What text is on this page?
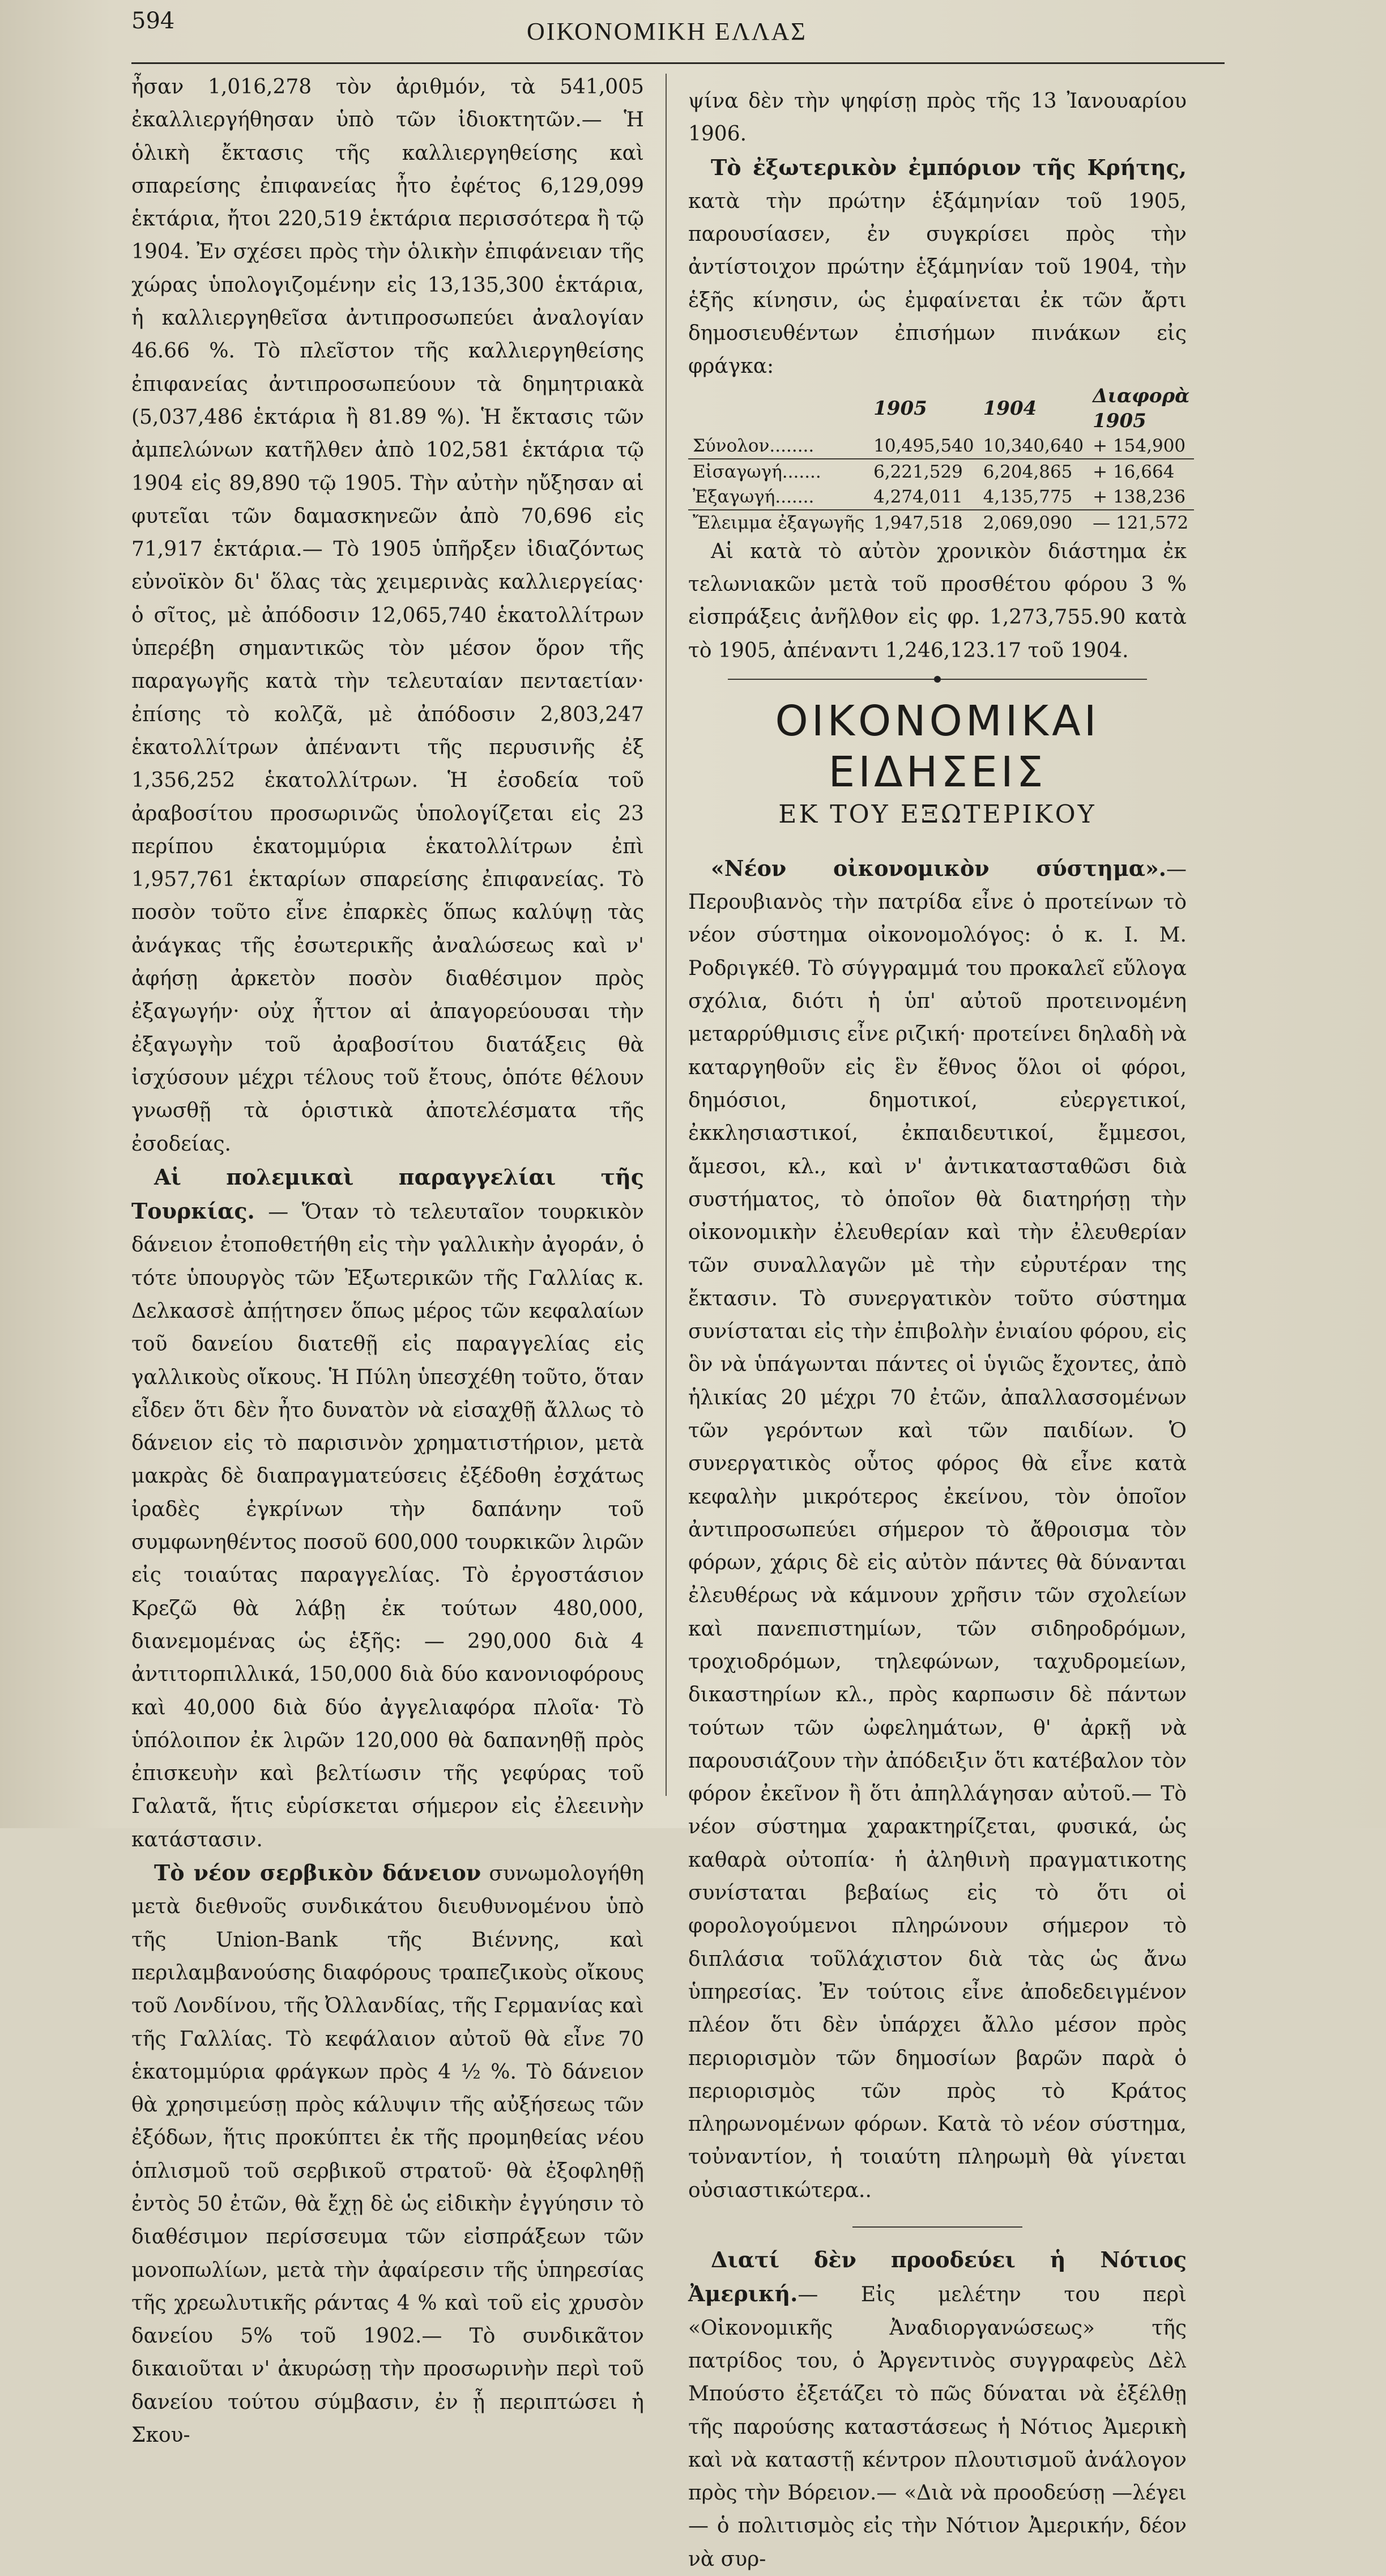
594	ΟΙΚΟΝΟΜΙΚΗ ΕΛΛΑΣ

ἦσαν 1,016,278 τὸν ἀριθμόν, τὰ 541,005 ἐκαλλιεργήθησαν ὑπὸ τῶν ἰδιοκτητῶν.— Ἡ ὁλικὴ ἔκτασις τῆς καλλιεργηθείσης καὶ σπαρείσης ἐπιφανείας ἦτο ἐφέτος 6,129,099 ἑκτάρια, ἤτοι 220,519 ἑκτάρια περισσότερα ἢ τῷ 1904. Ἐν σχέσει πρὸς τὴν ὁλικὴν ἐπιφάνειαν τῆς χώρας ὑπολογιζομένην εἰς 13,135,300 ἑκτάρια, ἡ καλλιεργηθεῖσα ἀντιπροσωπεύει ἀναλογίαν 46.66 %. Τὸ πλεῖστον τῆς καλλιεργηθείσης ἐπιφανείας ἀντιπροσωπεύουν τὰ δημητριακὰ (5,037,486 ἑκτάρια ἢ 81.89 %). Ἡ ἔκτασις τῶν ἀμπελώνων κατῆλθεν ἀπὸ 102,581 ἑκτάρια τῷ 1904 εἰς 89,890 τῷ 1905. Τὴν αὐτὴν ηὔξησαν αἱ φυτεῖαι τῶν δαμασκηνεῶν ἀπὸ 70,696 εἰς 71,917 ἑκτάρια.— Τὸ 1905 ὑπῆρξεν ἰδιαζόντως εὐνοϊκὸν δι' ὅλας τὰς χειμερινὰς καλλιεργείας· ὁ σῖτος, μὲ ἀπόδοσιν 12,065,740 ἑκατολλίτρων ὑπερέβη σημαντικῶς τὸν μέσον ὅρον τῆς παραγωγῆς κατὰ τὴν τελευταίαν πενταετίαν· ἐπίσης τὸ κολζᾶ, μὲ ἀπόδοσιν 2,803,247 ἑκατολλίτρων ἀπέναντι τῆς περυσινῆς ἐξ 1,356,252 ἑκατολλίτρων. Ἡ ἐσοδεία τοῦ ἀραβοσίτου προσωρινῶς ὑπολογίζεται εἰς 23 περίπου ἑκατομμύρια ἑκατολλίτρων ἐπὶ 1,957,761 ἑκταρίων σπαρείσης ἐπιφανείας. Τὸ ποσὸν τοῦτο εἶνε ἐπαρκὲς ὅπως καλύψῃ τὰς ἀνάγκας τῆς ἐσωτερικῆς ἀναλώσεως καὶ ν' ἀφήσῃ ἀρκετὸν ποσὸν διαθέσιμον πρὸς ἐξαγωγήν· οὐχ ἧττον αἱ ἀπαγορεύουσαι τὴν ἐξαγωγὴν τοῦ ἀραβοσίτου διατάξεις θὰ ἰσχύσουν μέχρι τέλους τοῦ ἔτους, ὁπότε θέλουν γνωσθῇ τὰ ὁριστικὰ ἀποτελέσματα τῆς ἐσοδείας.

Αἱ πολεμικαὶ παραγγελίαι τῆς Τουρκίας. — Ὅταν τὸ τελευταῖον τουρκικὸν δάνειον ἐτοποθετήθη εἰς τὴν γαλλικὴν ἀγοράν, ὁ τότε ὑπουργὸς τῶν Ἐξωτερικῶν τῆς Γαλλίας κ. Δελκασσὲ ἀπῄτησεν ὅπως μέρος τῶν κεφαλαίων τοῦ δανείου διατεθῇ εἰς παραγγελίας εἰς γαλλικοὺς οἴκους. Ἡ Πύλη ὑπεσχέθη τοῦτο, ὅταν εἶδεν ὅτι δὲν ἦτο δυνατὸν νὰ εἰσαχθῇ ἄλλως τὸ δάνειον εἰς τὸ παρισινὸν χρηματιστήριον, μετὰ μακρὰς δὲ διαπραγματεύσεις ἐξέδοθη ἐσχάτως ἰραδὲς ἐγκρίνων τὴν δαπάνην τοῦ συμφωνηθέντος ποσοῦ 600,000 τουρκικῶν λιρῶν εἰς τοιαύτας παραγγελίας. Τὸ ἐργοστάσιον Κρεζῶ θὰ λάβῃ ἐκ τούτων 480,000, διανεμομένας ὡς ἑξῆς: — 290,000 διὰ 4 ἀντιτορπιλλικά, 150,000 διὰ δύο κανονιοφόρους καὶ 40,000 διὰ δύο ἀγγελιαφόρα πλοῖα· Τὸ ὑπόλοιπον ἐκ λιρῶν 120,000 θὰ δαπανηθῇ πρὸς ἐπισκευὴν καὶ βελτίωσιν τῆς γεφύρας τοῦ Γαλατᾶ, ἥτις εὑρίσκεται σήμερον εἰς ἐλεεινὴν κατάστασιν.

Τὸ νέον σερβικὸν δάνειον συνωμολογήθη μετὰ διεθνοῦς συνδικάτου διευθυνομένου ὑπὸ τῆς Union-Bank τῆς Βιέννης, καὶ περιλαμβανούσης διαφόρους τραπεζικοὺς οἴκους τοῦ Λονδίνου, τῆς Ὀλλανδίας, τῆς Γερμανίας καὶ τῆς Γαλλίας. Τὸ κεφάλαιον αὐτοῦ θὰ εἶνε 70 ἑκατομμύρια φράγκων πρὸς 4 ½ %. Τὸ δάνειον θὰ χρησιμεύσῃ πρὸς κάλυψιν τῆς αὐξήσεως τῶν ἐξόδων, ἥτις προκύπτει ἐκ τῆς προμηθείας νέου ὁπλισμοῦ τοῦ σερβικοῦ στρατοῦ· θὰ ἐξοφληθῇ ἐντὸς 50 ἐτῶν, θὰ ἔχῃ δὲ ὡς εἰδικὴν ἐγγύησιν τὸ διαθέσιμον περίσσευμα τῶν εἰσπράξεων τῶν μονοπωλίων, μετὰ τὴν ἀφαίρεσιν τῆς ὑπηρεσίας τῆς χρεωλυτικῆς ράντας 4 % καὶ τοῦ εἰς χρυσὸν δανείου 5% τοῦ 1902.— Τὸ συνδικᾶτον δικαιοῦται ν' ἀκυρώσῃ τὴν προσωρινὴν περὶ τοῦ δανείου τούτου σύμβασιν, ἐν ᾗ περιπτώσει ἡ Σκου-

ψίνα δὲν τὴν ψηφίσῃ πρὸς τῆς 13 Ἰανουαρίου 1906.

Τὸ ἐξωτερικὸν ἐμπόριον τῆς Κρήτης, κατὰ τὴν πρώτην ἑξάμηνίαν τοῦ 1905, παρουσίασεν, ἐν συγκρίσει πρὸς τὴν ἀντίστοιχον πρώτην ἑξάμηνίαν τοῦ 1904, τὴν ἑξῆς κίνησιν, ὡς ἐμφαίνεται ἐκ τῶν ἄρτι δημοσιευθέντων ἐπισήμων πινάκων εἰς φράγκα:

	1905	1904	Διαφορὰ 1905
Σύνολον........	10,495,540	10,340,640	+ 154,900
Εἰσαγωγή.......	6,221,529	6,204,865	+ 16,664
Ἐξαγωγή.......	4,274,011	4,135,775	+ 138,236
Ἔλειμμα ἐξαγωγῆς	1,947,518	2,069,090	— 121,572

Αἱ κατὰ τὸ αὐτὸν χρονικὸν διάστημα ἐκ τελωνιακῶν μετὰ τοῦ προσθέτου φόρου 3 % εἰσπράξεις ἀνῆλθον εἰς φρ. 1,273,755.90 κατὰ τὸ 1905, ἀπέναντι 1,246,123.17 τοῦ 1904.

ΟΙΚΟΝΟΜΙΚΑΙ ΕΙΔΗΣΕΙΣ

ΕΚ ΤΟΥ ΕΞΩΤΕΡΙΚΟΥ

«Νέον οἰκονομικὸν σύστημα».— Περουβιανὸς τὴν πατρίδα εἶνε ὁ προτείνων τὸ νέον σύστημα οἰκονομολόγος: ὁ κ. Ι. Μ. Ροδριγκέθ. Τὸ σύγγραμμά του προκαλεῖ εὔλογα σχόλια, διότι ἡ ὑπ' αὐτοῦ προτεινομένη μεταρρύθμισις εἶνε ριζική· προτείνει δηλαδὴ νὰ καταργηθοῦν εἰς ἓν ἔθνος ὅλοι οἱ φόροι, δημόσιοι, δημοτικοί, εὐεργετικοί, ἐκκλησιαστικοί, ἐκπαιδευτικοί, ἔμμεσοι, ἄμεσοι, κλ., καὶ ν' ἀντικατασταθῶσι διὰ συστήματος, τὸ ὁποῖον θὰ διατηρήσῃ τὴν οἰκονομικὴν ἐλευθερίαν καὶ τὴν ἐλευθερίαν τῶν συναλλαγῶν μὲ τὴν εὐρυτέραν της ἔκτασιν. Τὸ συνεργατικὸν τοῦτο σύστημα συνίσταται εἰς τὴν ἐπιβολὴν ἐνιαίου φόρου, εἰς ὃν νὰ ὑπάγωνται πάντες οἱ ὑγιῶς ἔχοντες, ἀπὸ ἡλικίας 20 μέχρι 70 ἐτῶν, ἀπαλλασσομένων τῶν γερόντων καὶ τῶν παιδίων. Ὁ συνεργατικὸς οὗτος φόρος θὰ εἶνε κατὰ κεφαλὴν μικρότερος ἐκείνου, τὸν ὁποῖον ἀντιπροσωπεύει σήμερον τὸ ἄθροισμα τὸν φόρων, χάρις δὲ εἰς αὐτὸν πάντες θὰ δύνανται ἐλευθέρως νὰ κάμνουν χρῆσιν τῶν σχολείων καὶ πανεπιστημίων, τῶν σιδηροδρόμων, τροχιοδρόμων, τηλεφώνων, ταχυδρομείων, δικαστηρίων κλ., πρὸς καρπωσιν δὲ πάντων τούτων τῶν ὠφελημάτων, θ' ἀρκῇ νὰ παρουσιάζουν τὴν ἀπόδειξιν ὅτι κατέβαλον τὸν φόρον ἐκεῖνον ἢ ὅτι ἀπηλλάγησαν αὐτοῦ.— Τὸ νέον σύστημα χαρακτηρίζεται, φυσικά, ὡς καθαρὰ οὐτοπία· ἡ ἀληθινὴ πραγματικοτης συνίσταται βεβαίως εἰς τὸ ὅτι οἱ φορολογούμενοι πληρώνουν σήμερον τὸ διπλάσια τοῦλάχιστον διὰ τὰς ὡς ἄνω ὑπηρεσίας. Ἐν τούτοις εἶνε ἀποδεδειγμένον πλέον ὅτι δὲν ὑπάρχει ἄλλο μέσον πρὸς περιορισμὸν τῶν δημοσίων βαρῶν παρὰ ὁ περιορισμὸς τῶν πρὸς τὸ Κράτος πληρωνομένων φόρων. Κατὰ τὸ νέον σύστημα, τοὐναντίον, ἡ τοιαύτη πληρωμὴ θὰ γίνεται οὐσιαστικώτερα..

Διατί δὲν προοδεύει ἡ Νότιος Ἀμερική.— Εἰς μελέτην του περὶ «Οἰκονομικῆς Ἀναδιοργανώσεως» τῆς πατρίδος του, ὁ Ἀργεντινὸς συγγραφεὺς Δὲλ Μπούστο ἐξετάζει τὸ πῶς δύναται νὰ ἐξέλθῃ τῆς παρούσης καταστάσεως ἡ Νότιος Ἀμερικὴ καὶ νὰ καταστῇ κέντρον πλουτισμοῦ ἀνάλογον πρὸς τὴν Βόρειον.— «Διὰ νὰ προοδεύσῃ —λέγει— ὁ πολιτισμὸς εἰς τὴν Νότιον Ἀμερικήν, δέον νὰ συρ-
